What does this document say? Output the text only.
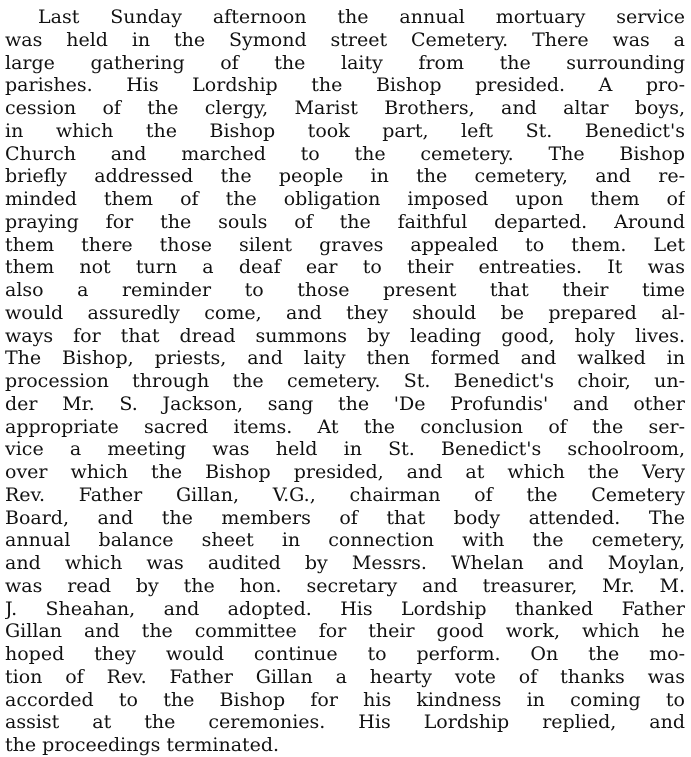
Last Sunday afternoon the annual mortuary service
was held in the Symond street Cemetery. There was a
large gathering of the laity from the surrounding
parishes. His Lordship the Bishop presided. A pro-
cession of the clergy, Marist Brothers, and altar boys,
in which the Bishop took part, left St. Benedict's
Church and marched to the cemetery. The Bishop
briefly addressed the people in the cemetery, and re-
minded them of the obligation imposed upon them of
praying for the souls of the faithful departed. Around
them there those silent graves appealed to them. Let
them not turn a deaf ear to their entreaties. It was
also a reminder to those present that their time
would assuredly come, and they should be prepared al-
ways for that dread summons by leading good, holy lives.
The Bishop, priests, and laity then formed and walked in
procession through the cemetery. St. Benedict's choir, un-
der Mr. S. Jackson, sang the 'De Profundis' and other
appropriate sacred items. At the conclusion of the ser-
vice a meeting was held in St. Benedict's schoolroom,
over which the Bishop presided, and at which the Very
Rev. Father Gillan, V.G., chairman of the Cemetery
Board, and the members of that body attended. The
annual balance sheet in connection with the cemetery,
and which was audited by Messrs. Whelan and Moylan,
was read by the hon. secretary and treasurer, Mr. M.
J. Sheahan, and adopted. His Lordship thanked Father
Gillan and the committee for their good work, which he
hoped they would continue to perform. On the mo-
tion of Rev. Father Gillan a hearty vote of thanks was
accorded to the Bishop for his kindness in coming to
assist at the ceremonies. His Lordship replied, and
the proceedings terminated.
